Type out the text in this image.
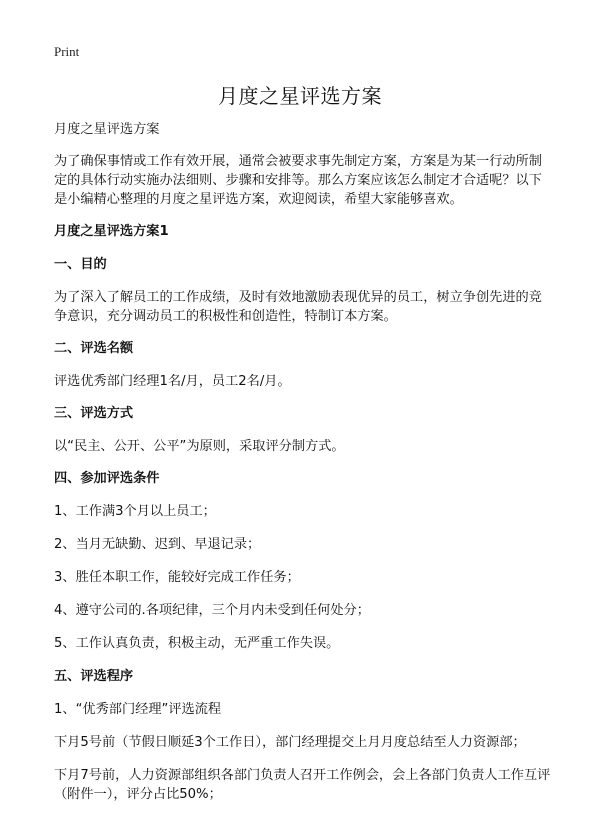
Print
月度之星评选方案

月度之星评选方案

为了确保事情或工作有效开展，通常会被要求事先制定方案，方案是为某一行动所制定的具体行动实施办法细则、步骤和安排等。那么方案应该怎么制定才合适呢？以下是小编精心整理的月度之星评选方案，欢迎阅读，希望大家能够喜欢。

月度之星评选方案1

一、目的

为了深入了解员工的工作成绩，及时有效地激励表现优异的员工，树立争创先进的竞争意识，充分调动员工的积极性和创造性，特制订本方案。

二、评选名额

评选优秀部门经理1名/月，员工2名/月。

三、评选方式

以“民主、公开、公平”为原则，采取评分制方式。

四、参加评选条件

1、工作满3个月以上员工；

2、当月无缺勤、迟到、早退记录；

3、胜任本职工作，能较好完成工作任务；

4、遵守公司的.各项纪律，三个月内未受到任何处分；

5、工作认真负责，积极主动，无严重工作失误。

五、评选程序

1、“优秀部门经理”评选流程

下月5号前（节假日顺延3个工作日），部门经理提交上月月度总结至人力资源部；

下月7号前，人力资源部组织各部门负责人召开工作例会，会上各部门负责人工作互评（附件一），评分占比50%；
